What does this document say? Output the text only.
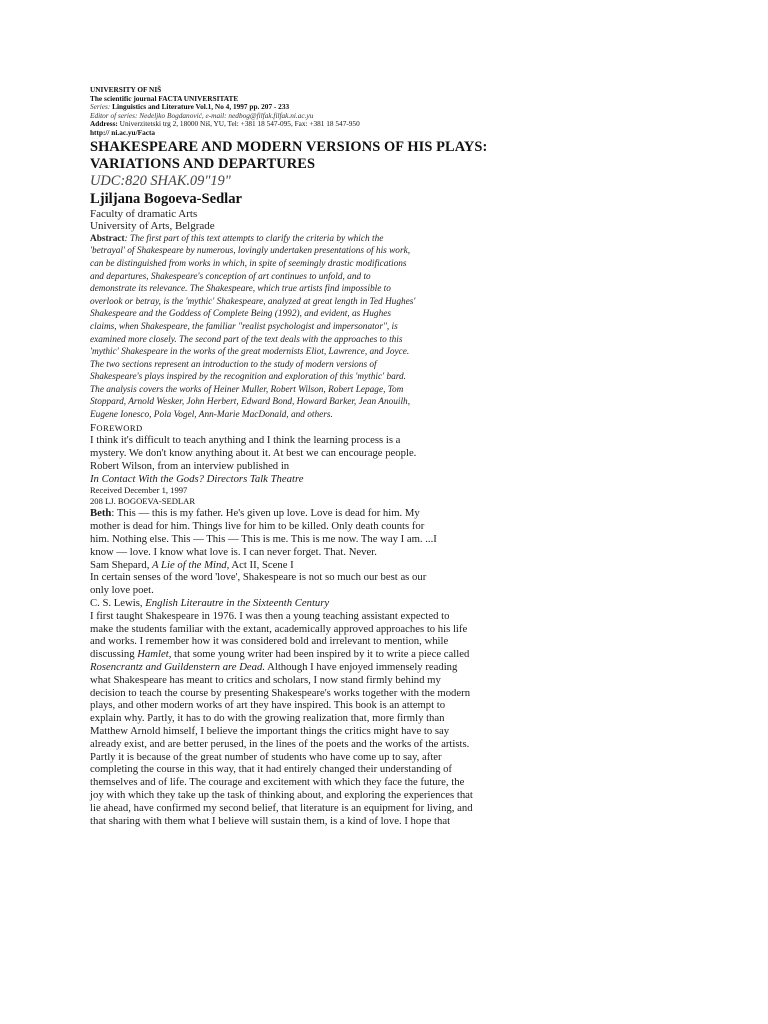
UNIVERSITY OF NIŠ
The scientific journal FACTA UNIVERSITATE
Series: Linguistics and Literature Vol.1, No 4, 1997 pp. 207 - 233
Editor of series: Nedeljko Bogdanović, e-mail: nedbog@filfak.filfak.ni.ac.yu
Address: Univerzitetski trg 2, 18000 Niš, YU, Tel: +381 18 547-095, Fax: +381 18 547-950
http:// ni.ac.yu/Facta
SHAKESPEARE AND MODERN VERSIONS OF HIS PLAYS:
VARIATIONS AND DEPARTURES
UDC:820 SHAK.09"19"
Ljiljana Bogoeva-Sedlar
Faculty of dramatic Arts
University of Arts, Belgrade
Abstract: The first part of this text attempts to clarify the criteria by which the
'betrayal' of Shakespeare by numerous, lovingly undertaken presentations of his work,
can be distinguished from works in which, in spite of seemingly drastic modifications
and departures, Shakespeare's conception of art continues to unfold, and to
demonstrate its relevance. The Shakespeare, which true artists find impossible to
overlook or betray, is the 'mythic' Shakespeare, analyzed at great length in Ted Hughes'
Shakespeare and the Goddess of Complete Being (1992), and evident, as Hughes
claims, when Shakespeare, the familiar "realist psychologist and impersonator", is
examined more closely. The second part of the text deals with the approaches to this
'mythic' Shakespeare in the works of the great modernists Eliot, Lawrence, and Joyce.
The two sections represent an introduction to the study of modern versions of
Shakespeare's plays inspired by the recognition and exploration of this 'mythic' bard.
The analysis covers the works of Heiner Muller, Robert Wilson, Robert Lepage, Tom
Stoppard, Arnold Wesker, John Herbert, Edward Bond, Howard Barker, Jean Anouilh,
Eugene Ionesco, Pola Vogel, Ann-Marie MacDonald, and others.
FOREWORD
I think it's difficult to teach anything and I think the learning process is a
mystery. We don't know anything about it. At best we can encourage people.
Robert Wilson, from an interview published in
In Contact With the Gods? Directors Talk Theatre
Received December 1, 1997
208 LJ. BOGOEVA-SEDLAR
Beth: This — this is my father. He's given up love. Love is dead for him. My
mother is dead for him. Things live for him to be killed. Only death counts for
him. Nothing else. This — This — This is me. This is me now. The way I am. ...I
know — love. I know what love is. I can never forget. That. Never.
Sam Shepard, A Lie of the Mind, Act II, Scene I
In certain senses of the word 'love', Shakespeare is not so much our best as our
only love poet.
C. S. Lewis, English Literautre in the Sixteenth Century
I first taught Shakespeare in 1976. I was then a young teaching assistant expected to
make the students familiar with the extant, academically approved approaches to his life
and works. I remember how it was considered bold and irrelevant to mention, while
discussing Hamlet, that some young writer had been inspired by it to write a piece called
Rosencrantz and Guildenstern are Dead. Although I have enjoyed immensely reading
what Shakespeare has meant to critics and scholars, I now stand firmly behind my
decision to teach the course by presenting Shakespeare's works together with the modern
plays, and other modern works of art they have inspired. This book is an attempt to
explain why. Partly, it has to do with the growing realization that, more firmly than
Matthew Arnold himself, I believe the important things the critics might have to say
already exist, and are better perused, in the lines of the poets and the works of the artists.
Partly it is because of the great number of students who have come up to say, after
completing the course in this way, that it had entirely changed their understanding of
themselves and of life. The courage and excitement with which they face the future, the
joy with which they take up the task of thinking about, and exploring the experiences that
lie ahead, have confirmed my second belief, that literature is an equipment for living, and
that sharing with them what I believe will sustain them, is a kind of love. I hope that
